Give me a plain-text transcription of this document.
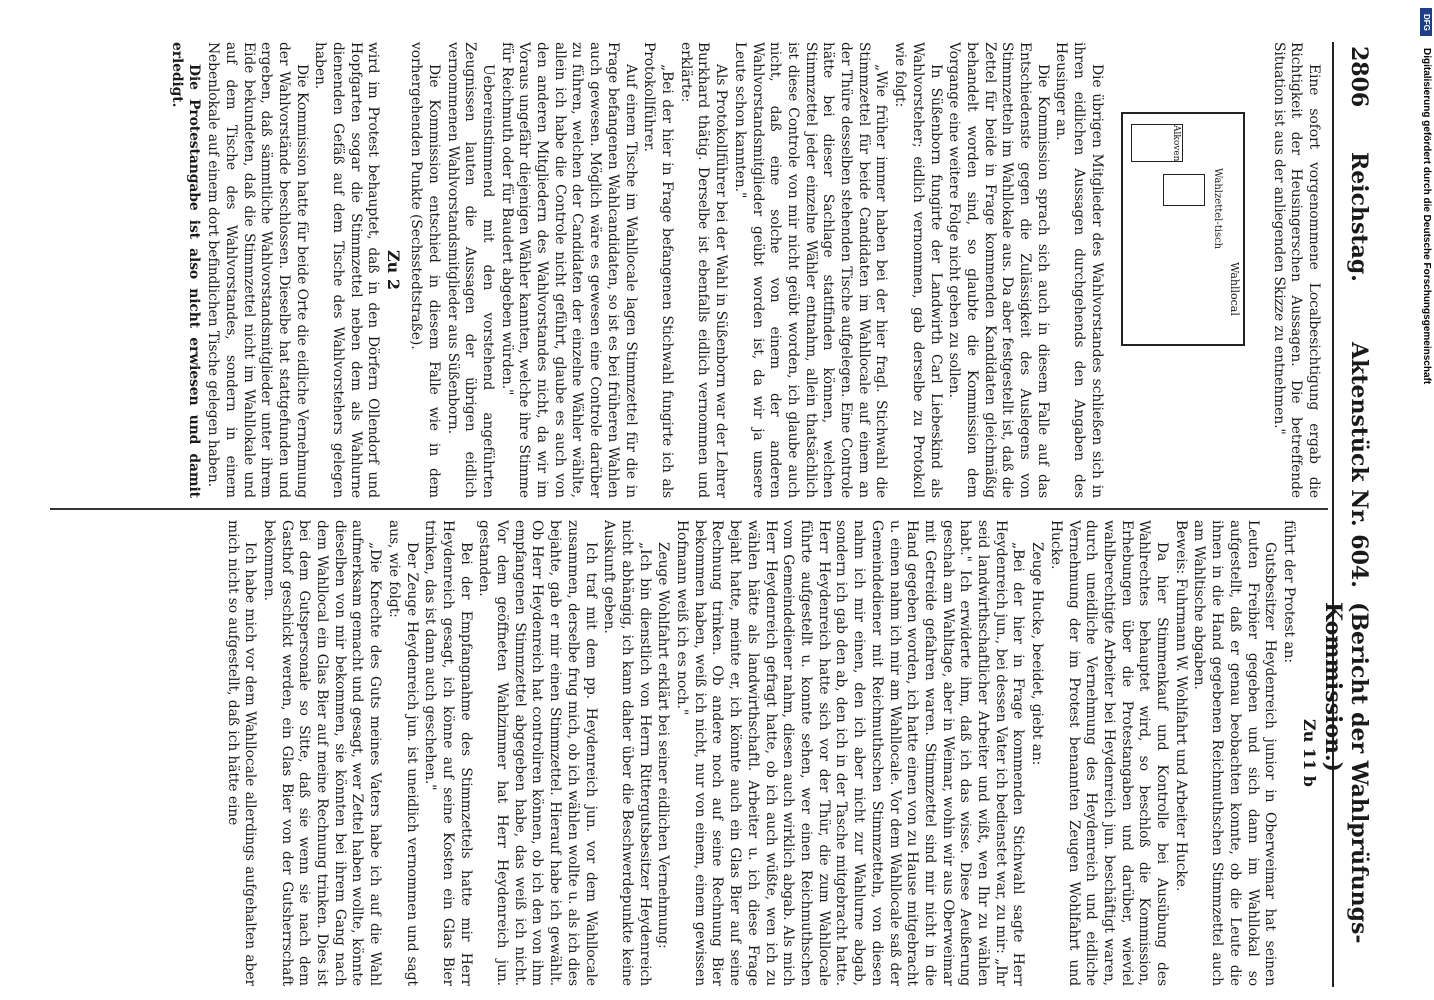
2806
Reichstag.
Aktenstück Nr. 604.
(Bericht der Wahlprüfungs-Kommission.)

Eine sofort vorgenommene Localbesichtigung ergab die Richtigkeit der Heusingerschen Aussagen. Die betreffende Situation ist aus der anliegenden Skizze zu entnehmen."

Alkoven
Wahlzettel-tisch
Wahllocal

Die übrigen Mitglieder des Wahlvorstandes schließen sich in ihren eidlichen Aussagen durchgehends den Angaben des Heusinger an.

Die Kommission sprach sich auch in diesem Falle auf das Entschiedenste gegen die Zulässigkeit des Auslegens von Stimmzetteln im Wahllokale aus. Da aber festgestellt ist, daß die Zettel für beide in Frage kommenden Kandidaten gleichmäßig behandelt worden sind, so glaubte die Kommission dem Vorgange eine weitere Folge nicht geben zu sollen.

In Süßenborn fungirte der Landwirth Carl Liebeskind als Wahlvorsteher; eidlich vernommen, gab derselbe zu Protokoll wie folgt:

„Wie früher immer haben bei der hier fragl. Stichwahl die Stimmzettel für beide Candidaten im Wahllocale auf einem an der Thüre desselben stehenden Tische aufgelegen. Eine Controle hätte bei dieser Sachlage stattfinden können, welchen Stimmzettel jeder einzelne Wähler entnahm, allein thatsächlich ist diese Controle von mir nicht geübt worden, ich glaube auch nicht, daß eine solche von einem der anderen Wahlvorstandsmitglieder geübt worden ist, da wir ja unsere Leute schon kannten."

Als Protokollführer bei der Wahl in Süßenborn war der Lehrer Burkhard thätig. Derselbe ist ebenfalls eidlich vernommen und erklärte:

„Bei der hier in Frage befangenen Stichwahl fungirte ich als Protokollführer.

Auf einem Tische im Wahllocale lagen Stimmzettel für die in Frage befangenen Wahlcandidaten, so ist es bei früheren Wahlen auch gewesen. Möglich wäre es gewesen eine Controle darüber zu führen, welchen der Candidaten der einzelne Wähler wählte, allein ich habe die Controle nicht geführt, glaube es auch von den anderen Mitgliedern des Wahlvorstandes nicht, da wir im Voraus ungefähr diejenigen Wähler kannten, welche ihre Stimme für Reichmuth oder für Baudert abgeben würden."

Uebereinstimmend mit den vorstehend angeführten Zeugnissen lauten die Aussagen der übrigen eidlich vernommenen Wahlvorstandsmitglieder aus Süßenborn.

Die Kommission entschied in diesem Falle wie in dem vorhergehenden Punkte (Sechsstedtstraße).

Zu 2

wird im Protest behauptet, daß in den Dörfern Ollendorf und Hopfgarten sogar die Stimmzettel neben dem als Wahlurne dienenden Gefäß auf dem Tische des Wahlvorstehers gelegen haben.

Die Kommission hatte für beide Orte die eidliche Vernehmung der Wahlvorstände beschlossen. Dieselbe hat stattgefunden und ergeben, daß sämmtliche Wahlvorstandsmitglieder unter ihrem Eide bekundeten, daß die Stimmzettel nicht im Wahllokale und auf dem Tische des Wahlvorstandes, sondern in einem Nebenlokale auf einem dort befindlichen Tische gelegen haben.

Die Protestangabe ist also nicht erwiesen und damit erledigt.

Zu 11 b

führt der Protest an:

Gutsbesitzer Heydenreich junior in Oberweimar hat seinen Leuten Freibier gegeben und sich dann im Wahllokal so aufgestellt, daß er genau beobachten konnte, ob die Leute die ihnen in die Hand gegebenen Reichmuthschen Stimmzettel auch am Wahltische abgaben.

Beweis: Fuhrmann W. Wohlfahrt und Arbeiter Hucke.

Da hier Stimmenkauf und Kontrolle bei Ausübung des Wahlrechtes behauptet wird, so beschloß die Kommission, Erhebungen über die Protestangaben und darüber, wieviel wahlberechtigte Arbeiter bei Heydenreich jun. beschäftigt waren, durch uneidliche Vernehmung des Heydenreich und eidliche Vernehmung der im Protest benannten Zeugen Wohlfahrt und Hucke.

Zeuge Hucke, beeidet, giebt an:

„Bei der hier in Frage kommenden Stichwahl sagte Herr Heydenreich jun., bei dessen Vater ich bedienstet war, zu mir: „Ihr seid landwirthschaftlicher Arbeiter und wißt, wen Ihr zu wählen habt." Ich erwiderte ihm, daß ich das wisse. Diese Aeußerung geschah am Wahltage, aber in Weimar, wohin wir aus Oberweimar mit Getreide gefahren waren. Stimmzettel sind mir nicht in die Hand gegeben worden, ich hatte einen von zu Hause mitgebracht u. einen nahm ich mir am Wahllocale. Vor dem Wahllocale saß der Gemeindediener mit Reichmuthschen Stimmzetteln, von diesen nahm ich mir einen, den ich aber nicht zur Wahlurne abgab, sondern ich gab den ab, den ich in der Tasche mitgebracht hatte. Herr Heydenreich hatte sich vor der Thür, die zum Wahllocale führte aufgestellt u. konnte sehen, wer einen Reichmuthschen vom Gemeindediener nahm, diesen auch wirklich abgab. Als mich Herr Heydenreich gefragt hatte, ob ich auch wüßte, wen ich zu wählen hätte als landwirthschaftl. Arbeiter u. ich diese Frage bejaht hatte, meinte er, ich könnte auch ein Glas Bier auf seine Rechnung trinken. Ob andere noch auf seine Rechnung Bier bekommen haben, weiß ich nicht, nur von einem, einem gewissen Hofmann weiß ich es noch."

Zeuge Wohlfahrt erklärt bei seiner eidlichen Vernehmung:

„Ich bin dienstlich von Herrn Rittergutsbesitzer Heydenreich nicht abhängig, ich kann daher über die Beschwerdepunkte keine Auskunft geben.

Ich traf mit dem pp. Heydenreich jun. vor dem Wahllocale zusammen, derselbe frug mich, ob ich wählen wollte u. als ich dies bejahte, gab er mir einen Stimmzettel. Hierauf habe ich gewählt. Ob Herr Heydenreich hat controliren können, ob ich den von ihm empfangenen Stimmzettel abgegeben habe, das weiß ich nicht. Vor dem geöffneten Wahlzimmer hat Herr Heydenreich jun. gestanden.

Bei der Empfangnahme des Stimmzettels hatte mir Herr Heydenreich gesagt, ich könne auf seine Kosten ein Glas Bier trinken, das ist dann auch geschehen."

Der Zeuge Heydenreich jun. ist uneidlich vernommen und sagt aus, wie folgt:

„Die Knechte des Guts meines Vaters habe ich auf die Wahl aufmerksam gemacht und gesagt, wer Zettel haben wollte, könnte dieselben von mir bekommen, sie könnten bei ihrem Gang nach dem Wahllocal ein Glas Bier auf meine Rechnung trinken. Dies ist bei dem Gutspersonale so Sitte, daß sie wenn sie nach dem Gasthof geschickt werden, ein Glas Bier von der Gutsherrschaft bekommen.

Ich habe mich vor dem Wahllocale allerdings aufgehalten aber mich nicht so aufgestellt, daß ich hätte eine

DFG
Digitalisierung gefördert durch die Deutsche Forschungsgemeinschaft
